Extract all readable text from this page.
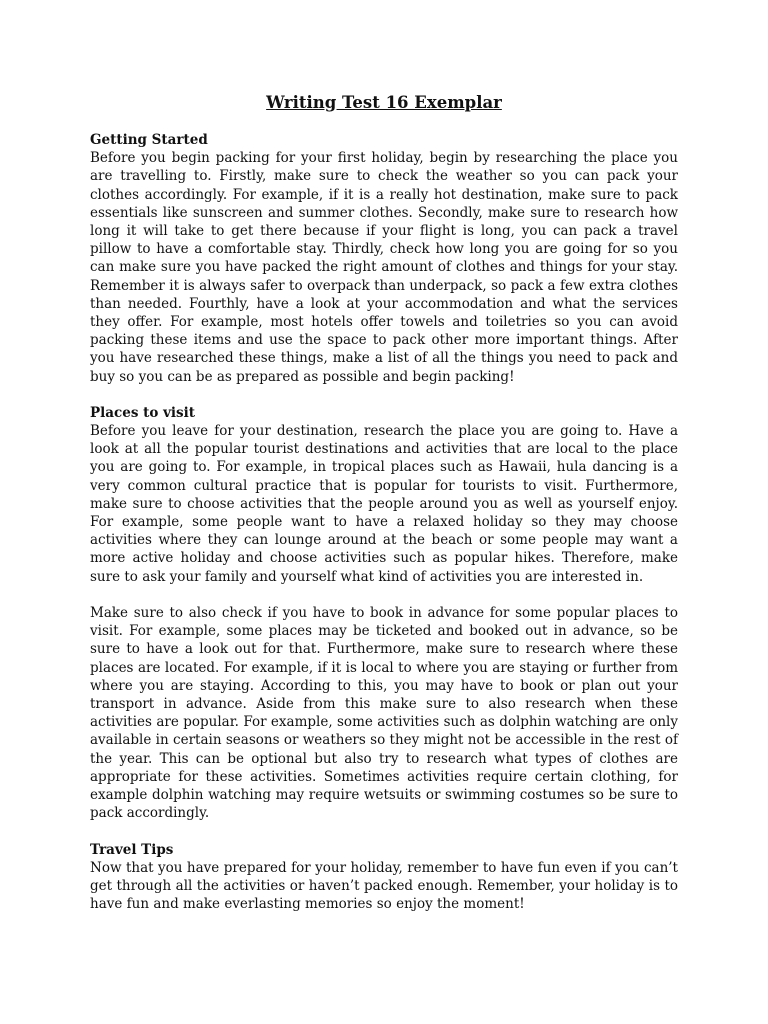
Writing Test 16 Exemplar
Getting Started

Before you begin packing for your first holiday, begin by researching the place you are travelling to. Firstly, make sure to check the weather so you can pack your clothes accordingly. For example, if it is a really hot destination, make sure to pack essentials like sunscreen and summer clothes. Secondly, make sure to research how long it will take to get there because if your flight is long, you can pack a travel pillow to have a comfortable stay. Thirdly, check how long you are going for so you can make sure you have packed the right amount of clothes and things for your stay. Remember it is always safer to overpack than underpack, so pack a few extra clothes than needed. Fourthly, have a look at your accommodation and what the services they offer. For example, most hotels offer towels and toiletries so you can avoid packing these items and use the space to pack other more important things. After you have researched these things, make a list of all the things you need to pack and buy so you can be as prepared as possible and begin packing!

Places to visit

Before you leave for your destination, research the place you are going to. Have a look at all the popular tourist destinations and activities that are local to the place you are going to. For example, in tropical places such as Hawaii, hula dancing is a very common cultural practice that is popular for tourists to visit. Furthermore, make sure to choose activities that the people around you as well as yourself enjoy. For example, some people want to have a relaxed holiday so they may choose activities where they can lounge around at the beach or some people may want a more active holiday and choose activities such as popular hikes. Therefore, make sure to ask your family and yourself what kind of activities you are interested in.

Make sure to also check if you have to book in advance for some popular places to visit. For example, some places may be ticketed and booked out in advance, so be sure to have a look out for that. Furthermore, make sure to research where these places are located. For example, if it is local to where you are staying or further from where you are staying. According to this, you may have to book or plan out your transport in advance. Aside from this make sure to also research when these activities are popular. For example, some activities such as dolphin watching are only available in certain seasons or weathers so they might not be accessible in the rest of the year. This can be optional but also try to research what types of clothes are appropriate for these activities. Sometimes activities require certain clothing, for example dolphin watching may require wetsuits or swimming costumes so be sure to pack accordingly.

Travel Tips

Now that you have prepared for your holiday, remember to have fun even if you can’t get through all the activities or haven’t packed enough. Remember, your holiday is to have fun and make everlasting memories so enjoy the moment!
